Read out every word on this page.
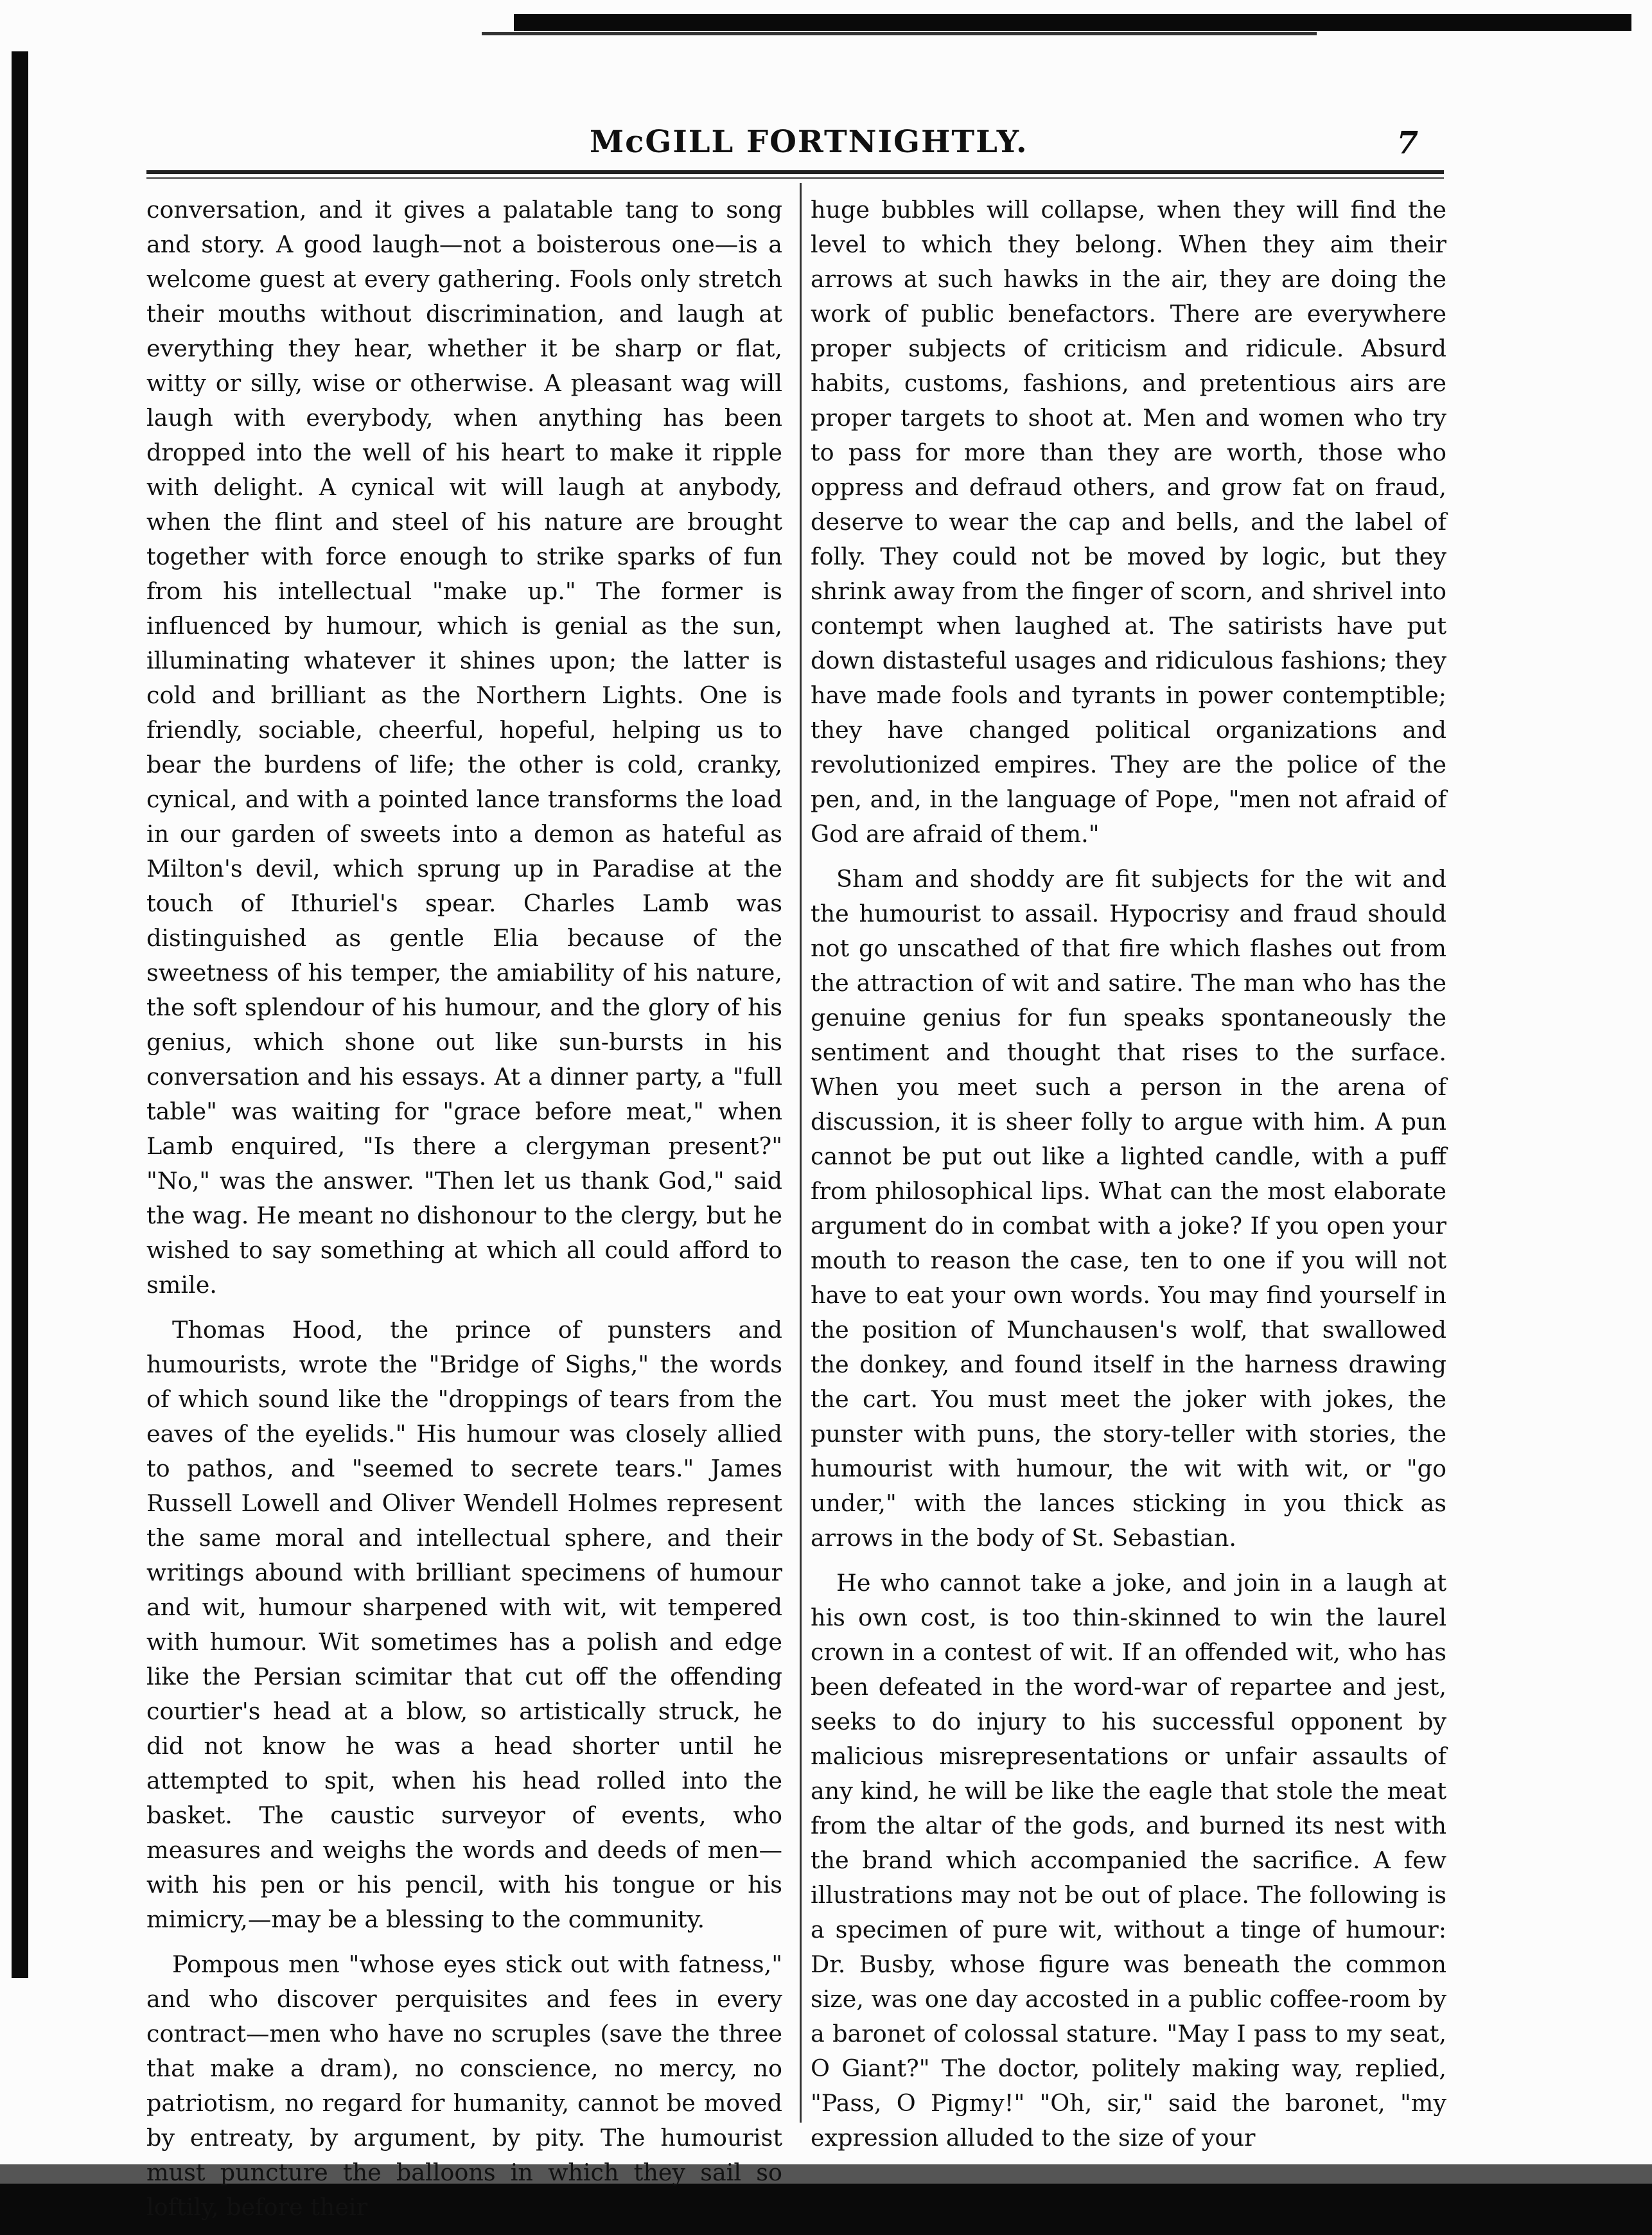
McGILL FORTNIGHTLY.	7

conversation, and it gives a palatable tang to song and story. A good laugh—not a boisterous one—is a welcome guest at every gathering. Fools only stretch their mouths without discrimination, and laugh at everything they hear, whether it be sharp or flat, witty or silly, wise or otherwise. A pleasant wag will laugh with everybody, when anything has been dropped into the well of his heart to make it ripple with delight. A cynical wit will laugh at anybody, when the flint and steel of his nature are brought together with force enough to strike sparks of fun from his intellectual "make up." The former is influenced by humour, which is genial as the sun, illuminating whatever it shines upon; the latter is cold and brilliant as the Northern Lights. One is friendly, sociable, cheerful, hopeful, helping us to bear the burdens of life; the other is cold, cranky, cynical, and with a pointed lance transforms the load in our garden of sweets into a demon as hateful as Milton's devil, which sprung up in Paradise at the touch of Ithuriel's spear. Charles Lamb was distinguished as gentle Elia because of the sweetness of his temper, the amiability of his nature, the soft splendour of his humour, and the glory of his genius, which shone out like sun-bursts in his conversation and his essays. At a dinner party, a "full table" was waiting for "grace before meat," when Lamb enquired, "Is there a clergyman present?" "No," was the answer. "Then let us thank God," said the wag. He meant no dishonour to the clergy, but he wished to say something at which all could afford to smile.

Thomas Hood, the prince of punsters and humourists, wrote the "Bridge of Sighs," the words of which sound like the "droppings of tears from the eaves of the eyelids." His humour was closely allied to pathos, and "seemed to secrete tears." James Russell Lowell and Oliver Wendell Holmes represent the same moral and intellectual sphere, and their writings abound with brilliant specimens of humour and wit, humour sharpened with wit, wit tempered with humour. Wit sometimes has a polish and edge like the Persian scimitar that cut off the offending courtier's head at a blow, so artistically struck, he did not know he was a head shorter until he attempted to spit, when his head rolled into the basket. The caustic surveyor of events, who measures and weighs the words and deeds of men—with his pen or his pencil, with his tongue or his mimicry,—may be a blessing to the community.

Pompous men "whose eyes stick out with fatness," and who discover perquisites and fees in every contract—men who have no scruples (save the three that make a dram), no conscience, no mercy, no patriotism, no regard for humanity, cannot be moved by entreaty, by argument, by pity. The humourist must puncture the balloons in which they sail so loftily, before their

huge bubbles will collapse, when they will find the level to which they belong. When they aim their arrows at such hawks in the air, they are doing the work of public benefactors. There are everywhere proper subjects of criticism and ridicule. Absurd habits, customs, fashions, and pretentious airs are proper targets to shoot at. Men and women who try to pass for more than they are worth, those who oppress and defraud others, and grow fat on fraud, deserve to wear the cap and bells, and the label of folly. They could not be moved by logic, but they shrink away from the finger of scorn, and shrivel into contempt when laughed at. The satirists have put down distasteful usages and ridiculous fashions; they have made fools and tyrants in power contemptible; they have changed political organizations and revolutionized empires. They are the police of the pen, and, in the language of Pope, "men not afraid of God are afraid of them."

Sham and shoddy are fit subjects for the wit and the humourist to assail. Hypocrisy and fraud should not go unscathed of that fire which flashes out from the attraction of wit and satire. The man who has the genuine genius for fun speaks spontaneously the sentiment and thought that rises to the surface. When you meet such a person in the arena of discussion, it is sheer folly to argue with him. A pun cannot be put out like a lighted candle, with a puff from philosophical lips. What can the most elaborate argument do in combat with a joke? If you open your mouth to reason the case, ten to one if you will not have to eat your own words. You may find yourself in the position of Munchausen's wolf, that swallowed the donkey, and found itself in the harness drawing the cart. You must meet the joker with jokes, the punster with puns, the story-teller with stories, the humourist with humour, the wit with wit, or "go under," with the lances sticking in you thick as arrows in the body of St. Sebastian.

He who cannot take a joke, and join in a laugh at his own cost, is too thin-skinned to win the laurel crown in a contest of wit. If an offended wit, who has been defeated in the word-war of repartee and jest, seeks to do injury to his successful opponent by malicious misrepresentations or unfair assaults of any kind, he will be like the eagle that stole the meat from the altar of the gods, and burned its nest with the brand which accompanied the sacrifice. A few illustrations may not be out of place. The following is a specimen of pure wit, without a tinge of humour: Dr. Busby, whose figure was beneath the common size, was one day accosted in a public coffee-room by a baronet of colossal stature. "May I pass to my seat, O Giant?" The doctor, politely making way, replied, "Pass, O Pigmy!" "Oh, sir," said the baronet, "my expression alluded to the size of your
